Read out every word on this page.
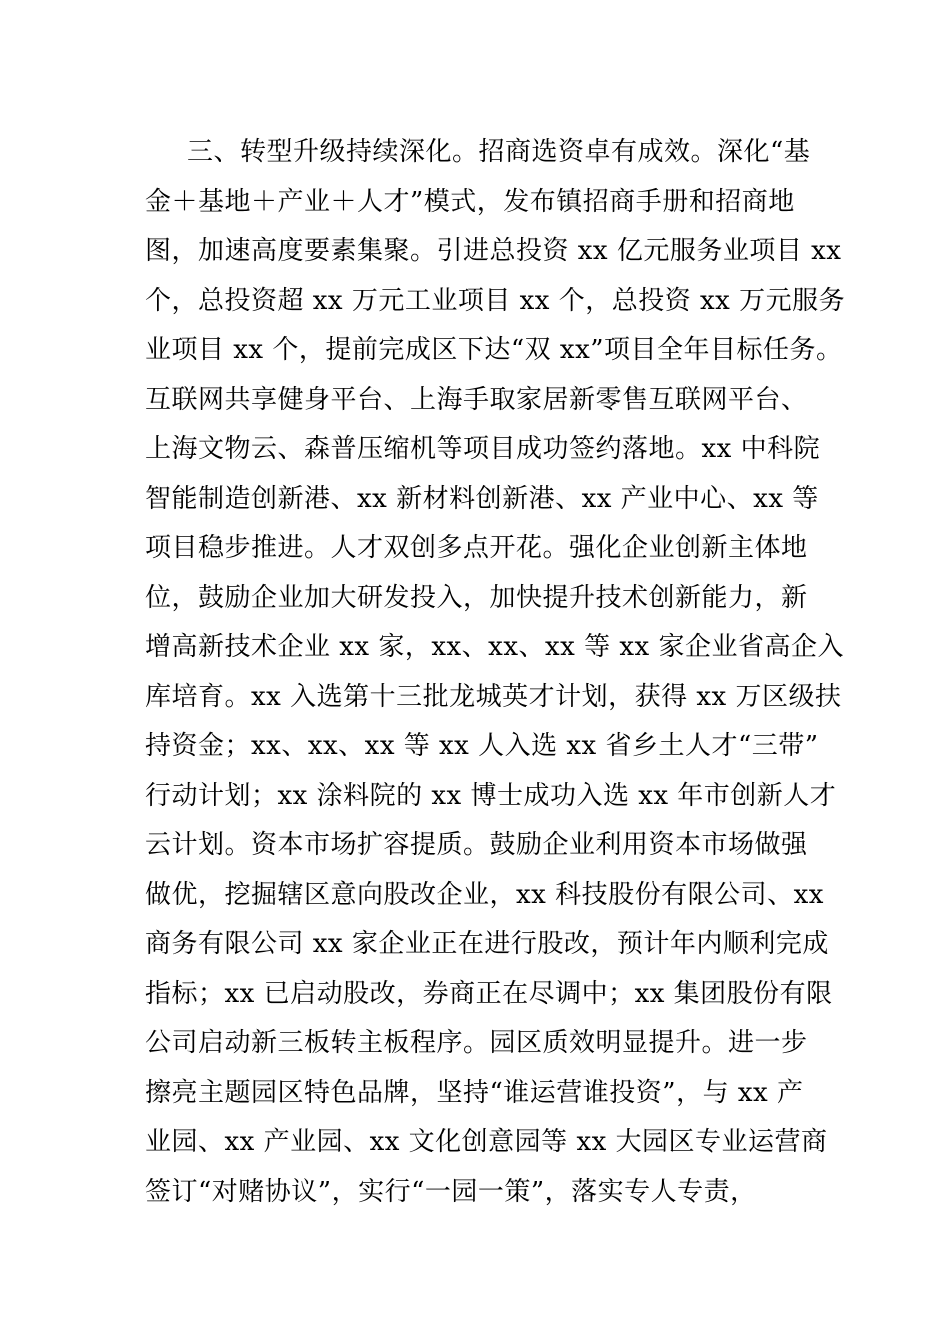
三、转型升级持续深化。招商选资卓有成效。深化“基
金＋基地＋产业＋人才”模式，发布镇招商手册和招商地
图，加速高度要素集聚。引进总投资 xx 亿元服务业项目 xx
个，总投资超 xx 万元工业项目 xx 个，总投资 xx 万元服务
业项目 xx 个，提前完成区下达“双 xx”项目全年目标任务。
互联网共享健身平台、上海手取家居新零售互联网平台、
上海文物云、森普压缩机等项目成功签约落地。xx 中科院
智能制造创新港、xx 新材料创新港、xx 产业中心、xx 等
项目稳步推进。人才双创多点开花。强化企业创新主体地
位，鼓励企业加大研发投入，加快提升技术创新能力，新
增高新技术企业 xx 家，xx、xx、xx 等 xx 家企业省高企入
库培育。xx 入选第十三批龙城英才计划，获得 xx 万区级扶
持资金；xx、xx、xx 等 xx 人入选 xx 省乡土人才“三带”
行动计划；xx 涂料院的 xx 博士成功入选 xx 年市创新人才
云计划。资本市场扩容提质。鼓励企业利用资本市场做强
做优，挖掘辖区意向股改企业，xx 科技股份有限公司、xx
商务有限公司 xx 家企业正在进行股改，预计年内顺利完成
指标；xx 已启动股改，券商正在尽调中；xx 集团股份有限
公司启动新三板转主板程序。园区质效明显提升。进一步
擦亮主题园区特色品牌，坚持“谁运营谁投资”，与 xx 产
业园、xx 产业园、xx 文化创意园等 xx 大园区专业运营商
签订“对赌协议”，实行“一园一策”，落实专人专责，
